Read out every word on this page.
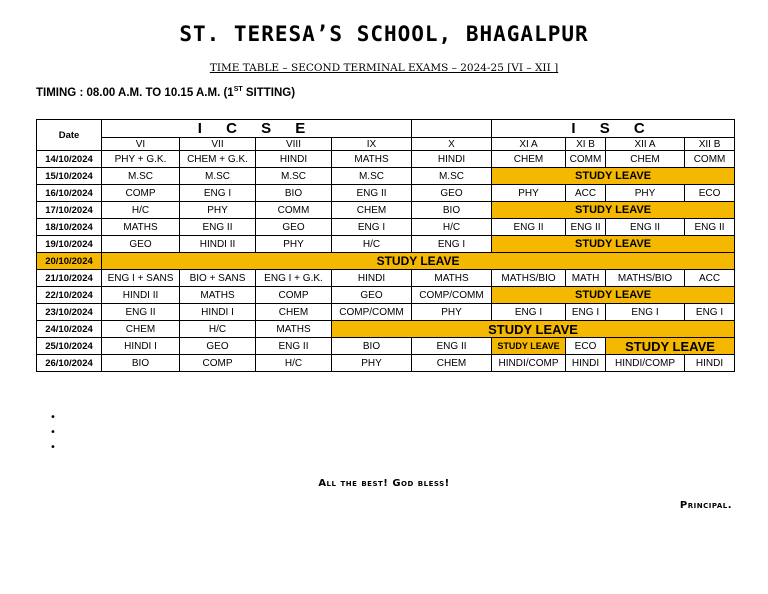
ST. TERESA’S SCHOOL, BHAGALPUR
TIME TABLE – SECOND TERMINAL EXAMS – 2024-25 [VI – XII ]
TIMING : 08.00 A.M. TO 10.15 A.M. (1ST SITTING)
Date	I C S E					I S C			
	VI	VII	VIII	IX	X	XI A	XI B	XII A	XII B
14/10/2024	PHY + G.K.	CHEM + G.K.	HINDI	MATHS	HINDI	CHEM	COMM	CHEM	COMM
15/10/2024	M.SC	M.SC	M.SC	M.SC	M.SC	STUDY LEAVE			
16/10/2024	COMP	ENG I	BIO	ENG II	GEO	PHY	ACC	PHY	ECO
17/10/2024	H/C	PHY	COMM	CHEM	BIO	STUDY LEAVE			
18/10/2024	MATHS	ENG II	GEO	ENG I	H/C	ENG II	ENG II	ENG II	ENG II
19/10/2024	GEO	HINDI II	PHY	H/C	ENG I	STUDY LEAVE			
20/10/2024	STUDY LEAVE								
21/10/2024	ENG I + SANS	BIO + SANS	ENG I + G.K.	HINDI	MATHS	MATHS/BIO	MATH	MATHS/BIO	ACC
22/10/2024	HINDI II	MATHS	COMP	GEO	COMP/COMM	STUDY LEAVE			
23/10/2024	ENG II	HINDI I	CHEM	COMP/COMM	PHY	ENG I	ENG I	ENG I	ENG I
24/10/2024	CHEM	H/C	MATHS	STUDY LEAVE					
25/10/2024	HINDI I	GEO	ENG II	BIO	ENG II	STUDY LEAVE	ECO	STUDY LEAVE	
26/10/2024	BIO	COMP	H/C	PHY	CHEM	HINDI/COMP	HINDI	HINDI/COMP	HINDI
•
•
•
All the best! God bless!
Principal.
